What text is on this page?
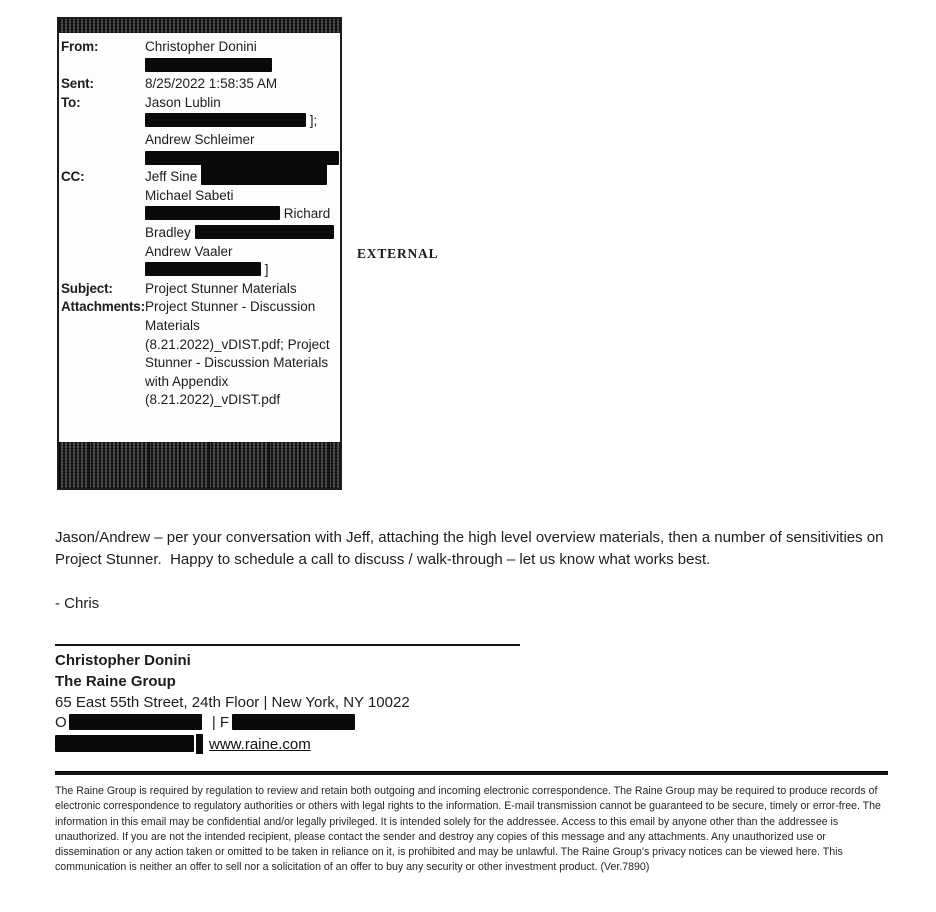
From:	Christopher Donini
Sent:	8/25/2022 1:58:35 AM
To:	Jason Lublin
];
Andrew Schleimer
CC:	Jeff Sine
Michael Sabeti
Richard
Bradley
Andrew Vaaler
]
Subject:	Project Stunner Materials
Attachments: Project Stunner - Discussion Materials (8.21.2022)_vDIST.pdf; Project Stunner - Discussion Materials with Appendix (8.21.2022)_vDIST.pdf
EXTERNAL

Jason/Andrew – per your conversation with Jeff, attaching the high level overview materials, then a number of sensitivities on Project Stunner.  Happy to schedule a call to discuss / walk-through – let us know what works best.

- Chris

Christopher Donini
The Raine Group
65 East 55th Street, 24th Floor | New York, NY 10022
O	| F
www.raine.com

The Raine Group is required by regulation to review and retain both outgoing and incoming electronic correspondence. The Raine Group may be required to produce records of electronic correspondence to regulatory authorities or others with legal rights to the information. E-mail transmission cannot be guaranteed to be secure, timely or error-free. The information in this email may be confidential and/or legally privileged. It is intended solely for the addressee. Access to this email by anyone other than the addressee is unauthorized. If you are not the intended recipient, please contact the sender and destroy any copies of this message and any attachments. Any unauthorized use or dissemination or any action taken or omitted to be taken in reliance on it, is prohibited and may be unlawful. The Raine Group's privacy notices can be viewed here. This communication is neither an offer to sell nor a solicitation of an offer to buy any security or other investment product. (Ver.7890)
